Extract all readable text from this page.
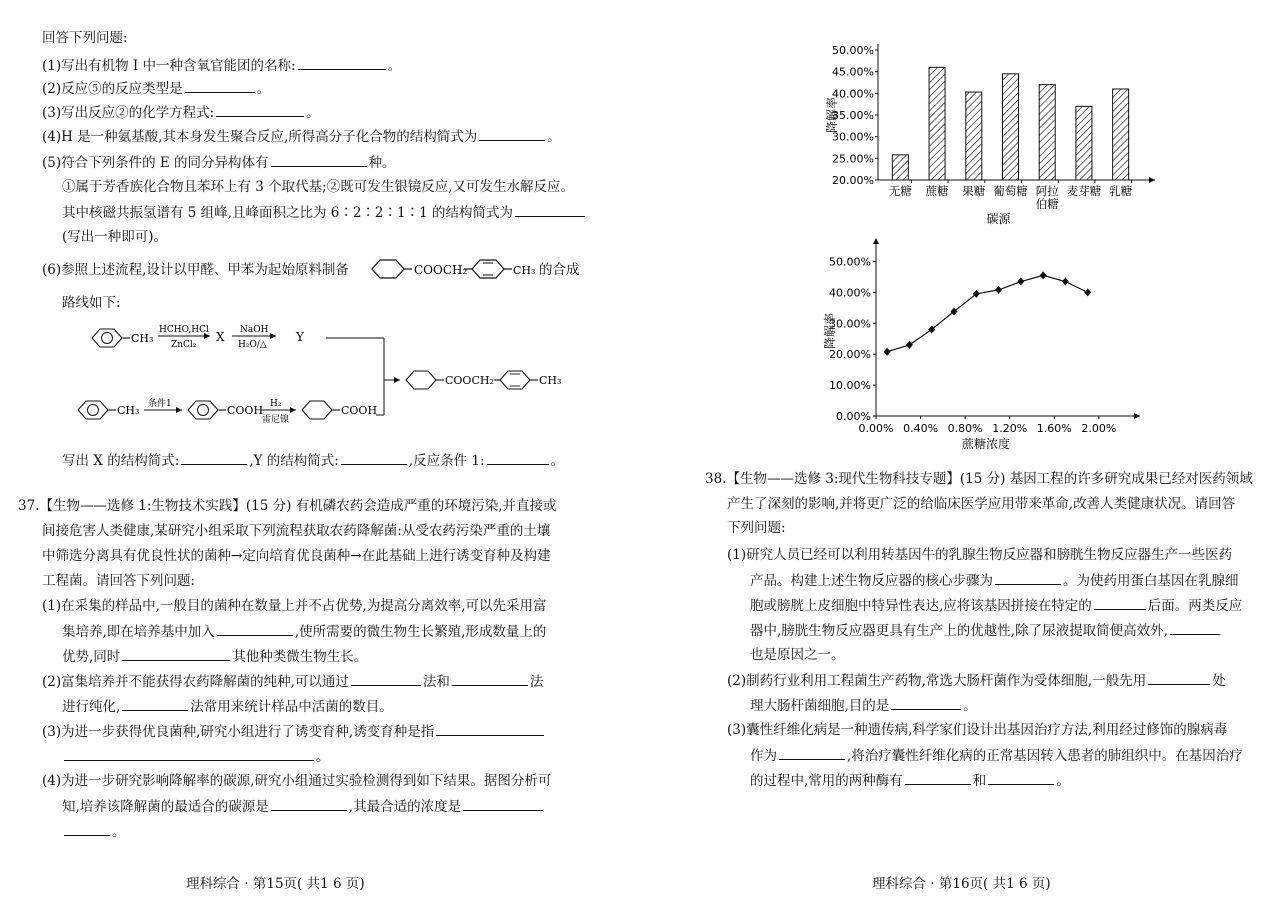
回答下列问题:
(1)写出有机物 I 中一种含氧官能团的名称:	。
(2)反应⑤的反应类型是	。
(3)写出反应②的化学方程式:	。
(4)H 是一种氨基酸,其本身发生聚合反应,所得高分子化合物的结构简式为	。
(5)符合下列条件的 E 的同分异构体有	种。
①属于芳香族化合物且苯环上有 3 个取代基;②既可发生银镜反应,又可发生水解反应。
其中核磁共振氢谱有 5 组峰,且峰面积之比为 6∶2∶2∶1∶1 的结构简式为
(写出一种即可)。
(6)参照上述流程,设计以甲醛、甲苯为起始原料制备	COOCH₂	CH₃ 的合成
路线如下:
CH₃
HCHO,HCl
ZnCl₂
X NaOH
H₂O/△
Y
COOCH₂	CH₃
CH₃ 条件1	COOH H₂
雷尼镍
COOH
写出 X 的结构简式:	,Y 的结构简式:	,反应条件 1:	。
37.【生物——选修 1:生物技术实践】(15 分) 有机磷农药会造成严重的环境污染,并直接或
间接危害人类健康,某研究小组采取下列流程获取农药降解菌:从受农药污染严重的土壤
中筛选分离具有优良性状的菌种→定向培育优良菌种→在此基础上进行诱变育种及构建
工程菌。请回答下列问题:
(1)在采集的样品中,一般目的菌种在数量上并不占优势,为提高分离效率,可以先采用富
集培养,即在培养基中加入	,使所需要的微生物生长繁殖,形成数量上的
优势,同时	其他种类微生物生长。
(2)富集培养并不能获得农药降解菌的纯种,可以通过	法和	法
进行纯化,	法常用来统计样品中活菌的数目。
(3)为进一步获得优良菌种,研究小组进行了诱变育种,诱变育种是指
。
(4)为进一步研究影响降解率的碳源,研究小组通过实验检测得到如下结果。据图分析可
知,培养该降解菌的最适合的碳源是	,其最合适的浓度是
。
理科综合 · 第15页( 共1 6 页)
20.00%
25.00%
30.00%
35.00%
40.00%
45.00%
50.00%
无糖 蔗糖 果糖 葡萄糖 阿拉
伯糖
麦芽糖 乳糖
降解率
碳源
0.00%
10.00%
20.00%
30.00%
40.00%
50.00%
0.00% 0.40% 0.80% 1.20% 1.60% 2.00%
降解率
蔗糖浓度
38.【生物——选修 3:现代生物科技专题】(15 分) 基因工程的许多研究成果已经对医药领域
产生了深刻的影响,并将更广泛的给临床医学应用带来革命,改善人类健康状况。请回答
下列问题:
(1)研究人员已经可以利用转基因牛的乳腺生物反应器和膀胱生物反应器生产一些医药
产品。构建上述生物反应器的核心步骤为	。为使药用蛋白基因在乳腺细
胞或膀胱上皮细胞中特异性表达,应将该基因拼接在特定的	后面。两类反应
器中,膀胱生物反应器更具有生产上的优越性,除了尿液提取简便高效外,
也是原因之一。
(2)制药行业利用工程菌生产药物,常选大肠杆菌作为受体细胞,一般先用	处
理大肠杆菌细胞,目的是	。
(3)囊性纤维化病是一种遗传病,科学家们设计出基因治疗方法,利用经过修饰的腺病毒
作为	,将治疗囊性纤维化病的正常基因转入患者的肺组织中。在基因治疗
的过程中,常用的两种酶有	和	。
理科综合 · 第16页( 共1 6 页)
